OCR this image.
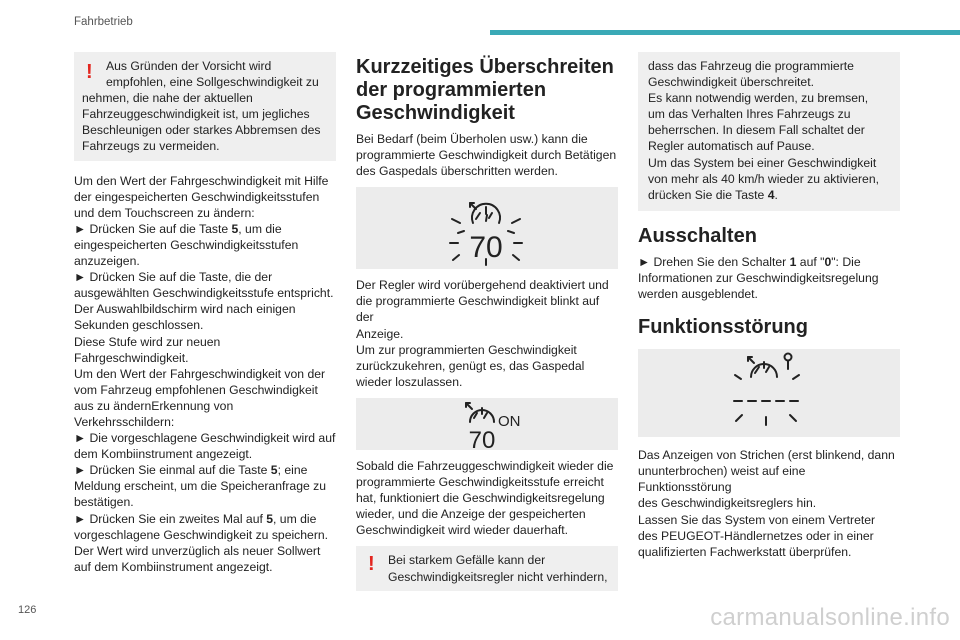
Fahrbetrieb
!	Aus Gründen der Vorsicht wird

empfohlen, eine Sollgeschwindigkeit zu

nehmen, die nahe der aktuellen

Fahrzeuggeschwindigkeit ist, um jegliches

Beschleunigen oder starkes Abbremsen des

Fahrzeugs zu vermeiden.

Um den Wert der Fahrgeschwindigkeit mit Hilfe

der eingespeicherten Geschwindigkeitsstufen

und dem Touchscreen zu ändern:

► Drücken Sie auf die Taste 5, um die

eingespeicherten Geschwindigkeitsstufen

anzuzeigen.

► Drücken Sie auf die Taste, die der

ausgewählten Geschwindigkeitsstufe entspricht.

Der Auswahlbildschirm wird nach einigen

Sekunden geschlossen.

Diese Stufe wird zur neuen Fahrgeschwindigkeit.

Um den Wert der Fahrgeschwindigkeit von der

vom Fahrzeug empfohlenen Geschwindigkeit

aus zu ändernErkennung von Verkehrsschildern:

► Die vorgeschlagene Geschwindigkeit wird auf

dem Kombiinstrument angezeigt.

► Drücken Sie einmal auf die Taste 5; eine

Meldung erscheint, um die Speicheranfrage zu

bestätigen.

► Drücken Sie ein zweites Mal auf 5, um die

vorgeschlagene Geschwindigkeit zu speichern.

Der Wert wird unverzüglich als neuer Sollwert

auf dem Kombiinstrument angezeigt.

Kurzzeitiges Überschreiten
der programmierten
Geschwindigkeit

Bei Bedarf (beim Überholen usw.) kann die

programmierte Geschwindigkeit durch Betätigen

des Gaspedals überschritten werden.

70

Der Regler wird vorübergehend deaktiviert und

die programmierte Geschwindigkeit blinkt auf der

Anzeige.

Um zur programmierten Geschwindigkeit

zurückzukehren, genügt es, das Gaspedal

wieder loszulassen.

ON
70

Sobald die Fahrzeuggeschwindigkeit wieder die

programmierte Geschwindigkeitsstufe erreicht

hat, funktioniert die Geschwindigkeitsregelung

wieder, und die Anzeige der gespeicherten

Geschwindigkeit wird wieder dauerhaft.

! Bei starkem Gefälle kann der

Geschwindigkeitsregler nicht verhindern,

dass das Fahrzeug die programmierte

Geschwindigkeit überschreitet.

Es kann notwendig werden, zu bremsen,

um das Verhalten Ihres Fahrzeugs zu

beherrschen. In diesem Fall schaltet der

Regler automatisch auf Pause.

Um das System bei einer Geschwindigkeit

von mehr als 40 km/h wieder zu aktivieren,

drücken Sie die Taste 4.

Ausschalten

► Drehen Sie den Schalter 1 auf "0": Die

Informationen zur Geschwindigkeitsregelung

werden ausgeblendet.

Funktionsstörung

Das Anzeigen von Strichen (erst blinkend, dann

ununterbrochen) weist auf eine Funktionsstörung

des Geschwindigkeitsreglers hin.

Lassen Sie das System von einem Vertreter

des PEUGEOT-Händlernetzes oder in einer

qualifizierten Fachwerkstatt überprüfen.

126	carmanualsonline.info
